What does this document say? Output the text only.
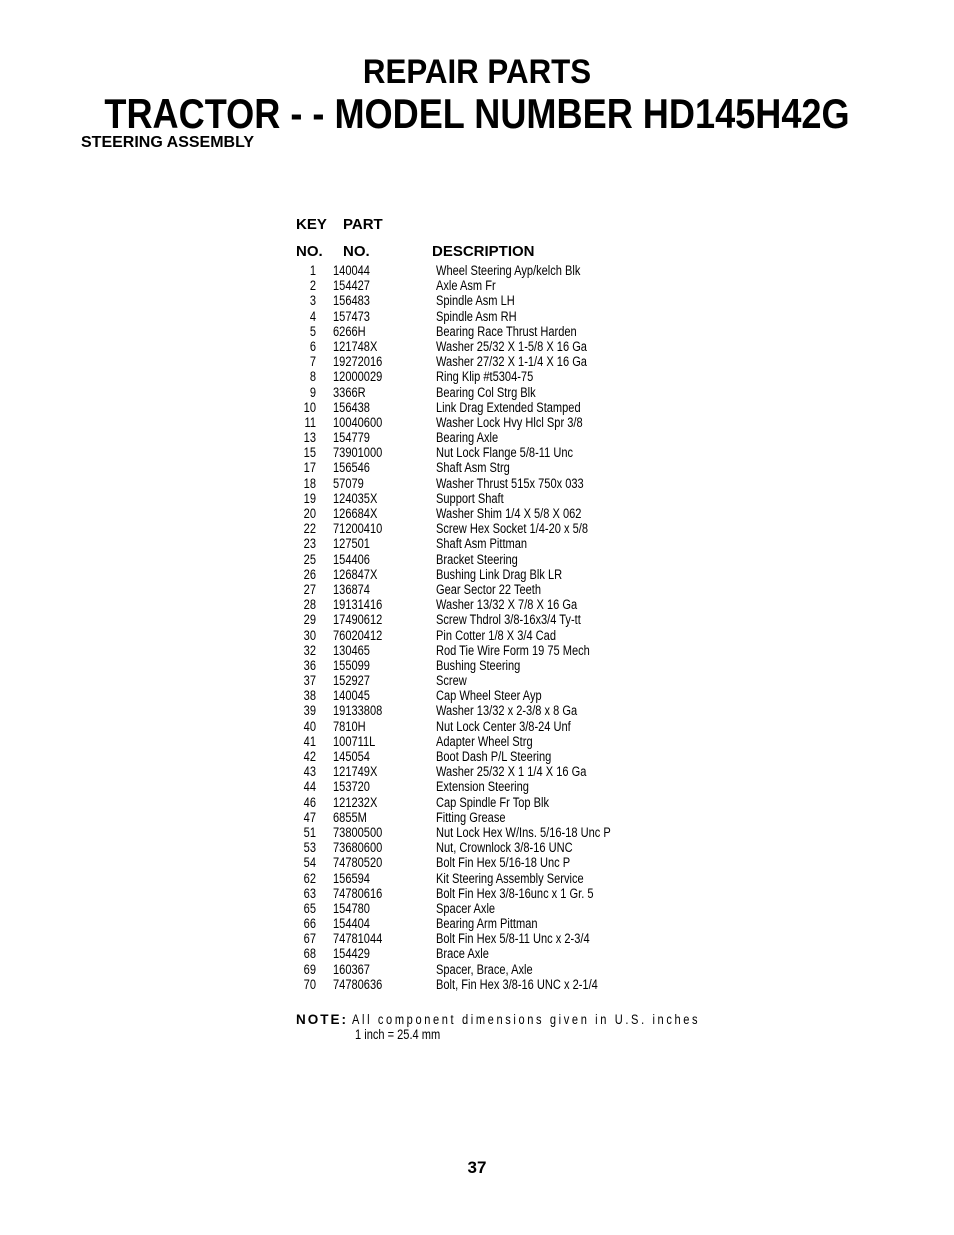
REPAIR PARTS
TRACTOR - - MODEL NUMBER HD145H42G
STEERING ASSEMBLY
KEY PART
NO. NO.	DESCRIPTION
1 140044	Wheel Steering Ayp/kelch Blk
2 154427	Axle Asm Fr
3 156483	Spindle Asm LH
4 157473	Spindle Asm RH
5 6266H	Bearing Race Thrust Harden
6 121748X	Washer 25/32 X 1-5/8 X 16 Ga
7 19272016	Washer 27/32 X 1-1/4 X 16 Ga
8 12000029	Ring Klip #t5304-75
9 3366R	Bearing Col Strg Blk
10 156438	Link Drag Extended Stamped
11 10040600	Washer Lock Hvy Hlcl Spr 3/8
13 154779	Bearing Axle
15 73901000	Nut Lock Flange 5/8-11 Unc
17 156546	Shaft Asm Strg
18 57079	Washer Thrust 515x 750x 033
19 124035X	Support Shaft
20 126684X	Washer Shim 1/4 X 5/8 X 062
22 71200410	Screw Hex Socket 1/4-20 x 5/8
23 127501	Shaft Asm Pittman
25 154406	Bracket Steering
26 126847X	Bushing Link Drag Blk LR
27 136874	Gear Sector 22 Teeth
28 19131416	Washer 13/32 X 7/8 X 16 Ga
29 17490612	Screw Thdrol 3/8-16x3/4 Ty-tt
30 76020412	Pin Cotter 1/8 X 3/4 Cad
32 130465	Rod Tie Wire Form 19 75 Mech
36 155099	Bushing Steering
37 152927	Screw
38 140045	Cap Wheel Steer Ayp
39 19133808	Washer 13/32 x 2-3/8 x 8 Ga
40 7810H	Nut Lock Center 3/8-24 Unf
41 100711L	Adapter Wheel Strg
42 145054	Boot Dash P/L Steering
43 121749X	Washer 25/32 X 1 1/4 X 16 Ga
44 153720	Extension Steering
46 121232X	Cap Spindle Fr Top Blk
47 6855M	Fitting Grease
51 73800500	Nut Lock Hex W/Ins. 5/16-18 Unc P
53 73680600	Nut, Crownlock 3/8-16 UNC
54 74780520	Bolt Fin Hex 5/16-18 Unc P
62 156594	Kit Steering Assembly Service
63 74780616	Bolt Fin Hex 3/8-16unc x 1 Gr. 5
65 154780	Spacer Axle
66 154404	Bearing Arm Pittman
67 74781044	Bolt Fin Hex 5/8-11 Unc x 2-3/4
68 154429	Brace Axle
69 160367	Spacer, Brace, Axle
70 74780636	Bolt, Fin Hex 3/8-16 UNC x 2-1/4
NOTE: All component dimensions given in U.S. inches
1 inch = 25.4 mm
37
